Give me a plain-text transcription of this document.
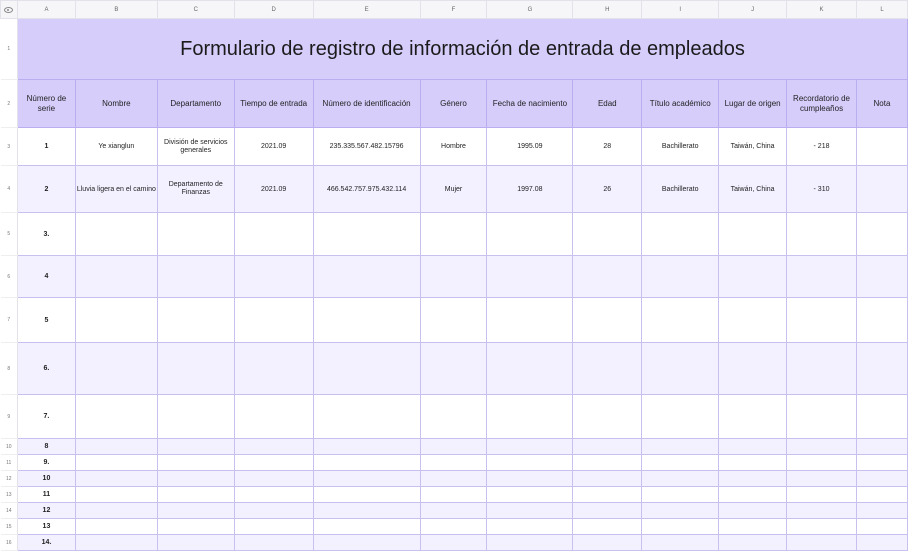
	A	B	C	D	E	F	G	H	I	J	K	L
1	Formulario de registro de información de entrada de empleados											
2	Número de serie	Nombre	Departamento	Tiempo de entrada	Número de identificación	Género	Fecha de nacimiento	Edad	Título académico	Lugar de origen	Recordatorio de cumpleaños	Nota
3	1	Ye xianglun	División de servicios generales	2021.09	235.335.567.482.15796	Hombre	1995.09	28	Bachillerato	Taiwán, China	- 218	
4	2	Lluvia ligera en el camino	Departamento de Finanzas	2021.09	466.542.757.975.432.114	Mujer	1997.08	26	Bachillerato	Taiwán, China	- 310	
5	3.											
6	4											
7	5											
8	6.											
9	7.											
10	8											
11	9.											
12	10											
13	11											
14	12											
15	13											
16	14.											
